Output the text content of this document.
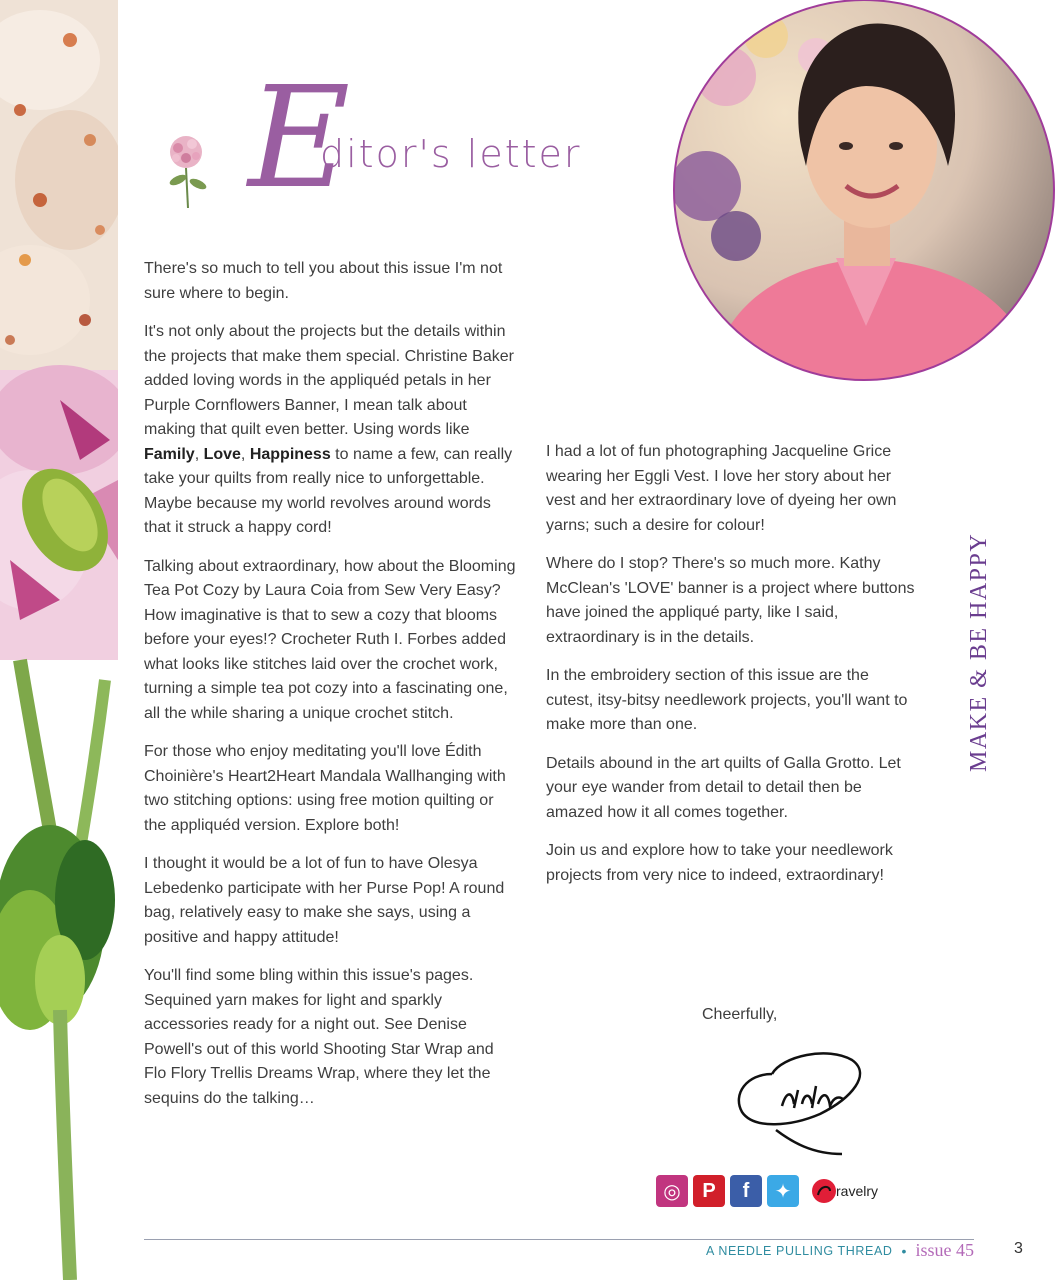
E
ditor's letter

There's so much to tell you about this issue I'm not sure where to begin.

It's not only about the projects but the details within the projects that make them special. Christine Baker added loving words in the appliquéd petals in her Purple Cornflowers Banner, I mean talk about making that quilt even better. Using words like Family, Love, Happiness to name a few, can really take your quilts from really nice to unforgettable. Maybe because my world revolves around words that it struck a happy cord!

Talking about extraordinary, how about the Blooming Tea Pot Cozy by Laura Coia from Sew Very Easy? How imaginative is that to sew a cozy that blooms before your eyes!? Crocheter Ruth I. Forbes added what looks like stitches laid over the crochet work, turning a simple tea pot cozy into a fascinating one, all the while sharing a unique crochet stitch.

For those who enjoy meditating you'll love Édith Choinière's Heart2Heart Mandala Wallhanging with two stitching options: using free motion quilting or the appliquéd version. Explore both!

I thought it would be a lot of fun to have Olesya Lebedenko participate with her Purse Pop! A round bag, relatively easy to make she says, using a positive and happy attitude!

You'll find some bling within this issue's pages. Sequined yarn makes for light and sparkly accessories ready for a night out. See Denise Powell's out of this world Shooting Star Wrap and Flo Flory Trellis Dreams Wrap, where they let the sequins do the talking…

I had a lot of fun photographing Jacqueline Grice wearing her Eggli Vest. I love her story about her vest and her extraordinary love of dyeing her own yarns; such a desire for colour!

Where do I stop? There's so much more. Kathy McClean's 'LOVE' banner is a project where buttons have joined the appliqué party, like I said, extraordinary is in the details.

In the embroidery section of this issue are the cutest, itsy-bitsy needlework projects, you'll want to make more than one.

Details abound in the art quilts of Galla Grotto. Let your eye wander from detail to detail then be amazed how it all comes together.

Join us and explore how to take your needlework projects from very nice to indeed, extraordinary!

MAKE & BE HAPPY
Cheerfully,
◎	P	f	✦	ravelry
A NEEDLE PULLING THREAD • issue 45	3
